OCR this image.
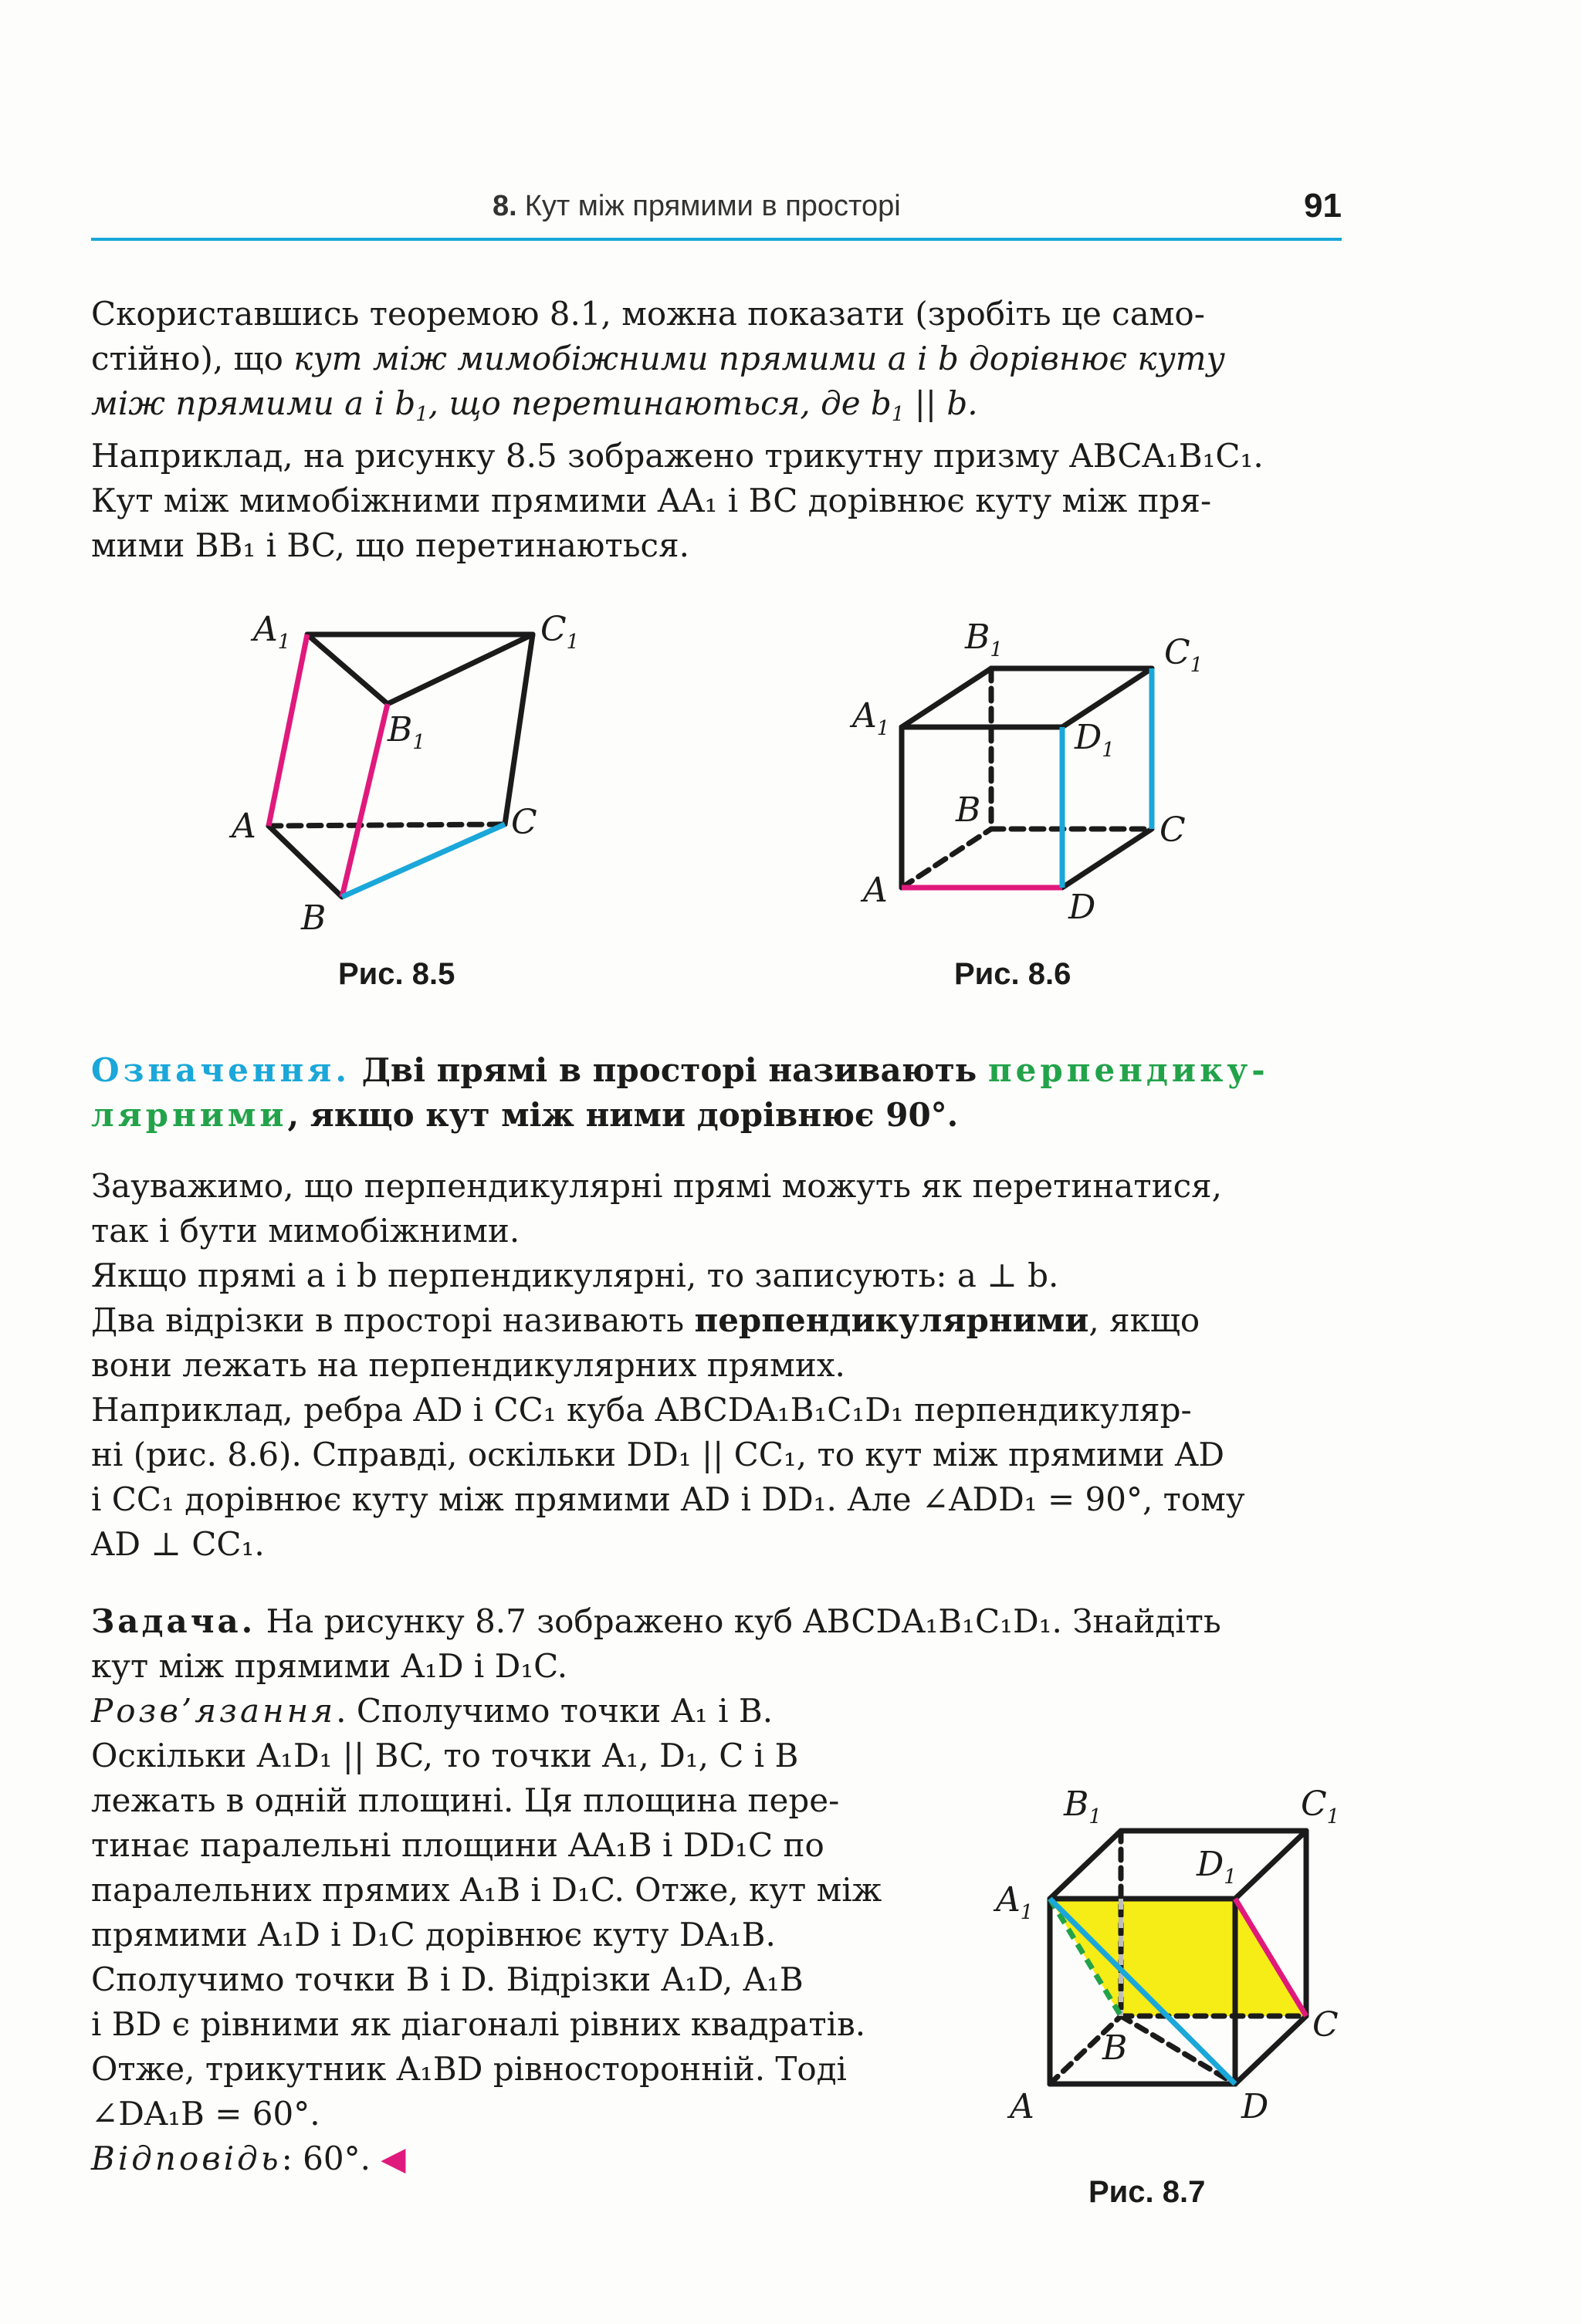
8. Кут між прямими в просторі	91
Скориставшись теоремою 8.1, можна показати (зробіть це само-
стійно), що кут між мимобіжними прямими a і b дорівнює куту
між прямими a і $b_1$, що перетинаються, де $b_1$ || b.
Наприклад, на рисунку 8.5 зображено трикутну призму ABCA₁B₁C₁.
Кут між мимобіжними прямими AA₁ і BC дорівнює куту між пря-
мими BB₁ і BC, що перетинаються.
$A_1$	$C_1$
$B_1$
A	C
B
Рис. 8.5
$B_1$	$C_1$
$A_1$	$D_1$
B
C
A	D
Рис. 8.6
Означення. Дві прямі в просторі називають перпендику-
лярними, якщо кут між ними дорівнює 90°.
Зауважимо, що перпендикулярні прямі можуть як перетинатися,
так і бути мимобіжними.
Якщо прямі a і b перпендикулярні, то записують: a ⊥ b.
Два відрізки в просторі називають перпендикулярними, якщо
вони лежать на перпендикулярних прямих.
Наприклад, ребра AD і CC₁ куба ABCDA₁B₁C₁D₁ перпендикуляр-
ні (рис. 8.6). Справді, оскільки DD₁ || CC₁, то кут між прямими AD
і CC₁ дорівнює куту між прямими AD і DD₁. Але ∠ADD₁ = 90°, тому
AD ⊥ CC₁.
Задача. На рисунку 8.7 зображено куб ABCDA₁B₁C₁D₁. Знайдіть
кут між прямими A₁D і D₁C.
Розв’язання. Сполучимо точки A₁ і B.
Оскільки A₁D₁ || BC, то точки A₁, D₁, C і B
лежать в одній площині. Ця площина пере-
тинає паралельні площини AA₁B і DD₁C по
паралельних прямих A₁B і D₁C. Отже, кут між
прямими A₁D і D₁C дорівнює куту DA₁B.
Сполучимо точки B і D. Відрізки A₁D, A₁B
і BD є рівними як діагоналі рівних квадратів.
Отже, трикутник A₁BD рівносторонній. Тоді
∠DA₁B = 60°.
Відповідь: 60°. ◀
$B_1$	$C_1$
$D_1$
$A_1$
B
C
A	D
Рис. 8.7
